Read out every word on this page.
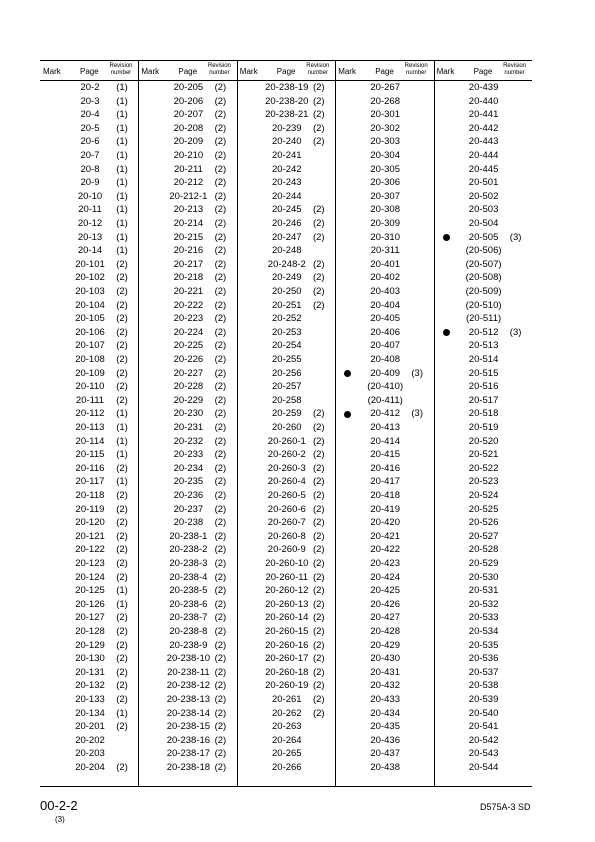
Mark Page
Revision number
20-2	(1)
20-3	(1)
20-4	(1)
20-5	(1)
20-6	(1)
20-7	(1)
20-8	(1)
20-9	(1)
20-10	(1)
20-11	(1)
20-12	(1)
20-13	(1)
20-14	(1)
20-101	(2)
20-102	(2)
20-103	(2)
20-104	(2)
20-105	(2)
20-106	(2)
20-107	(2)
20-108	(2)
20-109	(2)
20-110	(2)
20-111	(2)
20-112	(1)
20-113	(1)
20-114	(1)
20-115	(1)
20-116	(2)
20-117	(1)
20-118	(2)
20-119	(2)
20-120	(2)
20-121	(2)
20-122	(2)
20-123	(2)
20-124	(2)
20-125	(1)
20-126	(1)
20-127	(2)
20-128	(2)
20-129	(2)
20-130	(2)
20-131	(2)
20-132	(2)
20-133	(2)
20-134	(1)
20-201	(2)
20-202
20-203
20-204	(2)
Mark Page
Revision number
20-205	(2)
20-206	(2)
20-207	(2)
20-208	(2)
20-209	(2)
20-210	(2)
20-211	(2)
20-212	(2)
20-212-1 (2)
20-213	(2)
20-214	(2)
20-215	(2)
20-216	(2)
20-217	(2)
20-218	(2)
20-221	(2)
20-222	(2)
20-223	(2)
20-224	(2)
20-225	(2)
20-226	(2)
20-227	(2)
20-228	(2)
20-229	(2)
20-230	(2)
20-231	(2)
20-232	(2)
20-233	(2)
20-234	(2)
20-235	(2)
20-236	(2)
20-237	(2)
20-238	(2)
20-238-1 (2)
20-238-2 (2)
20-238-3 (2)
20-238-4 (2)
20-238-5 (2)
20-238-6 (2)
20-238-7 (2)
20-238-8 (2)
20-238-9 (2)
20-238-10 (2)
20-238-11 (2)
20-238-12 (2)
20-238-13 (2)
20-238-14 (2)
20-238-15 (2)
20-238-16 (2)
20-238-17 (2)
20-238-18 (2)
Mark Page
Revision number
20-238-19 (2)
20-238-20 (2)
20-238-21 (2)
20-239	(2)
20-240	(2)
20-241
20-242
20-243
20-244
20-245	(2)
20-246	(2)
20-247	(2)
20-248
20-248-2 (2)
20-249	(2)
20-250	(2)
20-251	(2)
20-252
20-253
20-254
20-255
20-256
20-257
20-258
20-259	(2)
20-260	(2)
20-260-1 (2)
20-260-2 (2)
20-260-3 (2)
20-260-4 (2)
20-260-5 (2)
20-260-6 (2)
20-260-7 (2)
20-260-8 (2)
20-260-9 (2)
20-260-10 (2)
20-260-11 (2)
20-260-12 (2)
20-260-13 (2)
20-260-14 (2)
20-260-15 (2)
20-260-16 (2)
20-260-17 (2)
20-260-18 (2)
20-260-19 (2)
20-261	(2)
20-262	(2)
20-263
20-264
20-265
20-266
Mark Page
Revision number
20-267
20-268
20-301
20-302
20-303
20-304
20-305
20-306
20-307
20-308
20-309
20-310
20-311
20-401
20-402
20-403
20-404
20-405
20-406
20-407
20-408
20-409	(3)
(20-410)
(20-411)
20-412	(3)
20-413
20-414
20-415
20-416
20-417
20-418
20-419
20-420
20-421
20-422
20-423
20-424
20-425
20-426
20-427
20-428
20-429
20-430
20-431
20-432
20-433
20-434
20-435
20-436
20-437
20-438
Mark Page
Revision number
20-439
20-440
20-441
20-442
20-443
20-444
20-445
20-501
20-502
20-503
20-504
20-505	(3)
(20-506)
(20-507)
(20-508)
(20-509)
(20-510)
(20-511)
20-512	(3)
20-513
20-514
20-515
20-516
20-517
20-518
20-519
20-520
20-521
20-522
20-523
20-524
20-525
20-526
20-527
20-528
20-529
20-530
20-531
20-532
20-533
20-534
20-535
20-536
20-537
20-538
20-539
20-540
20-541
20-542
20-543
20-544
00-2-2
(3)
D575A-3 SD
